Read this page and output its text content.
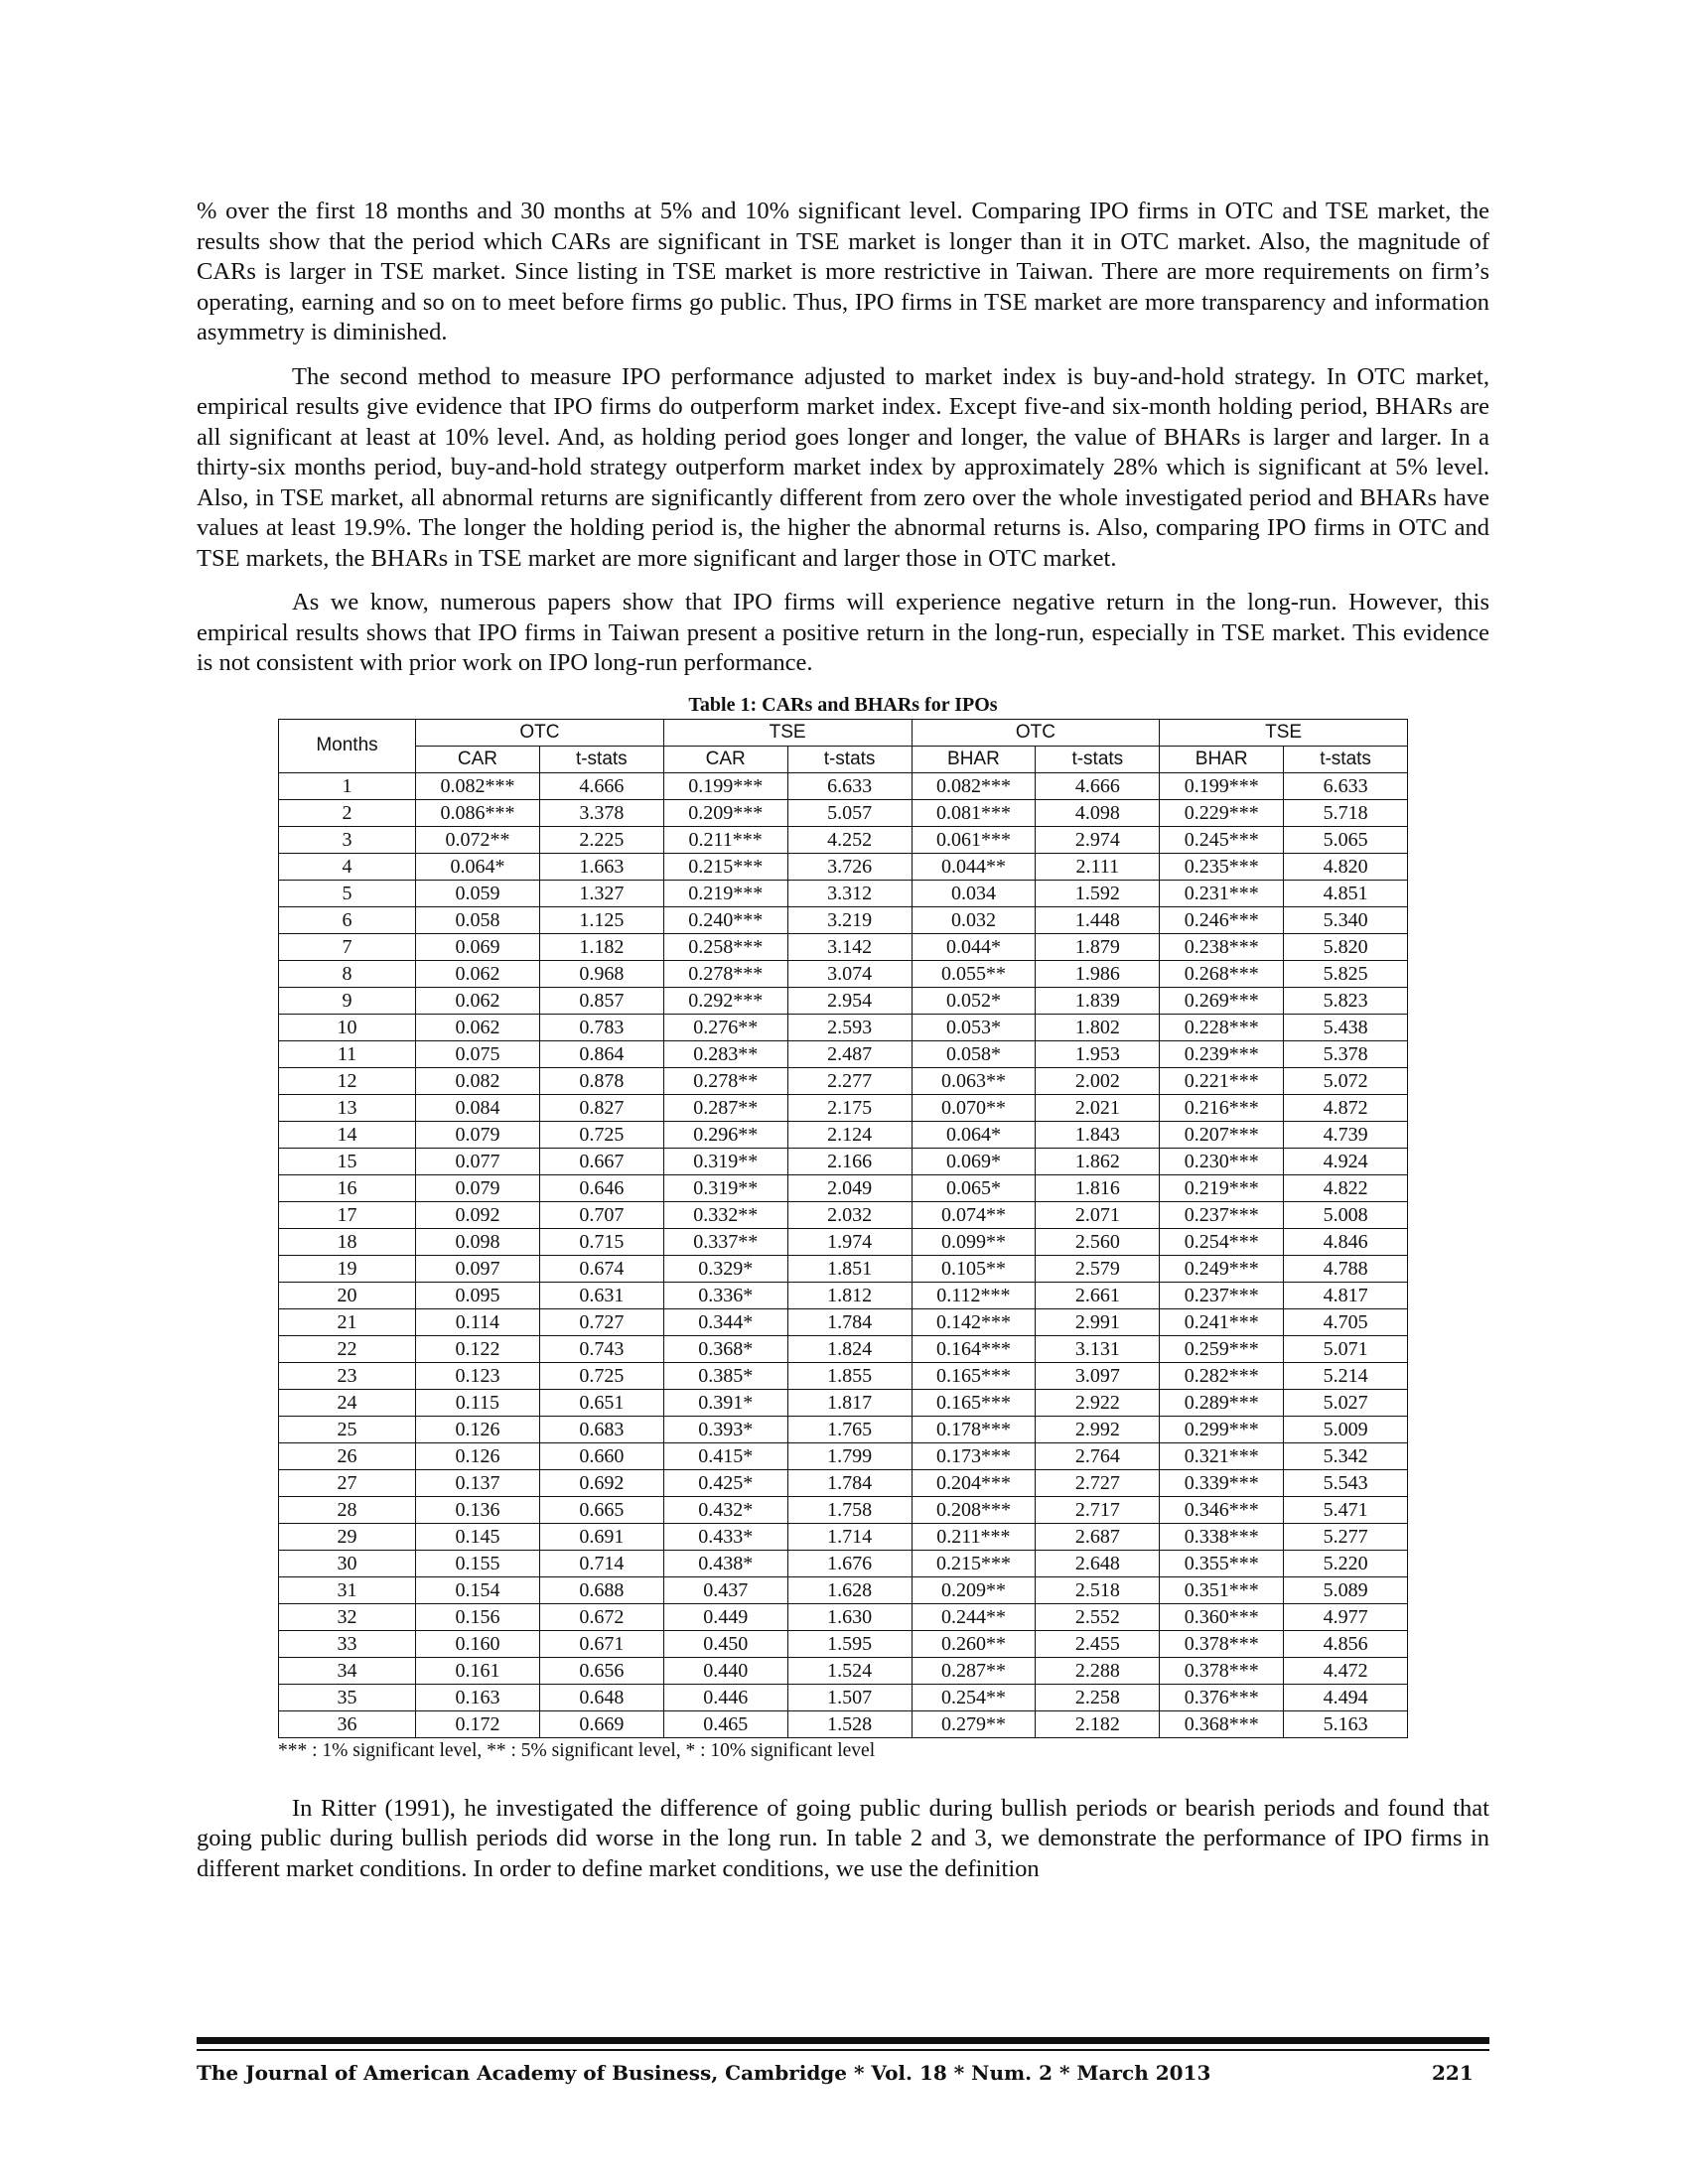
% over the first 18 months and 30 months at 5% and 10% significant level. Comparing IPO firms in OTC and TSE market, the results show that the period which CARs are significant in TSE market is longer than it in OTC market. Also, the magnitude of CARs is larger in TSE market. Since listing in TSE market is more restrictive in Taiwan. There are more requirements on firm’s operating, earning and so on to meet before firms go public. Thus, IPO firms in TSE market are more transparency and information asymmetry is diminished.

The second method to measure IPO performance adjusted to market index is buy-and-hold strategy. In OTC market, empirical results give evidence that IPO firms do outperform market index. Except five-and six-month holding period, BHARs are all significant at least at 10% level. And, as holding period goes longer and longer, the value of BHARs is larger and larger. In a thirty-six months period, buy-and-hold strategy outperform market index by approximately 28% which is significant at 5% level. Also, in TSE market, all abnormal returns are significantly different from zero over the whole investigated period and BHARs have values at least 19.9%. The longer the holding period is, the higher the abnormal returns is. Also, comparing IPO firms in OTC and TSE markets, the BHARs in TSE market are more significant and larger those in OTC market.

As we know, numerous papers show that IPO firms will experience negative return in the long-run. However, this empirical results shows that IPO firms in Taiwan present a positive return in the long-run, especially in TSE market. This evidence is not consistent with prior work on IPO long-run performance.

Table 1: CARs and BHARs for IPOs
Months	OTC		TSE		OTC		TSE	
	CAR	t-stats	CAR	t-stats	BHAR	t-stats	BHAR	t-stats
1	0.082***	4.666	0.199***	6.633	0.082***	4.666	0.199***	6.633
2	0.086***	3.378	0.209***	5.057	0.081***	4.098	0.229***	5.718
3	0.072**	2.225	0.211***	4.252	0.061***	2.974	0.245***	5.065
4	0.064*	1.663	0.215***	3.726	0.044**	2.111	0.235***	4.820
5	0.059	1.327	0.219***	3.312	0.034	1.592	0.231***	4.851
6	0.058	1.125	0.240***	3.219	0.032	1.448	0.246***	5.340
7	0.069	1.182	0.258***	3.142	0.044*	1.879	0.238***	5.820
8	0.062	0.968	0.278***	3.074	0.055**	1.986	0.268***	5.825
9	0.062	0.857	0.292***	2.954	0.052*	1.839	0.269***	5.823
10	0.062	0.783	0.276**	2.593	0.053*	1.802	0.228***	5.438
11	0.075	0.864	0.283**	2.487	0.058*	1.953	0.239***	5.378
12	0.082	0.878	0.278**	2.277	0.063**	2.002	0.221***	5.072
13	0.084	0.827	0.287**	2.175	0.070**	2.021	0.216***	4.872
14	0.079	0.725	0.296**	2.124	0.064*	1.843	0.207***	4.739
15	0.077	0.667	0.319**	2.166	0.069*	1.862	0.230***	4.924
16	0.079	0.646	0.319**	2.049	0.065*	1.816	0.219***	4.822
17	0.092	0.707	0.332**	2.032	0.074**	2.071	0.237***	5.008
18	0.098	0.715	0.337**	1.974	0.099**	2.560	0.254***	4.846
19	0.097	0.674	0.329*	1.851	0.105**	2.579	0.249***	4.788
20	0.095	0.631	0.336*	1.812	0.112***	2.661	0.237***	4.817
21	0.114	0.727	0.344*	1.784	0.142***	2.991	0.241***	4.705
22	0.122	0.743	0.368*	1.824	0.164***	3.131	0.259***	5.071
23	0.123	0.725	0.385*	1.855	0.165***	3.097	0.282***	5.214
24	0.115	0.651	0.391*	1.817	0.165***	2.922	0.289***	5.027
25	0.126	0.683	0.393*	1.765	0.178***	2.992	0.299***	5.009
26	0.126	0.660	0.415*	1.799	0.173***	2.764	0.321***	5.342
27	0.137	0.692	0.425*	1.784	0.204***	2.727	0.339***	5.543
28	0.136	0.665	0.432*	1.758	0.208***	2.717	0.346***	5.471
29	0.145	0.691	0.433*	1.714	0.211***	2.687	0.338***	5.277
30	0.155	0.714	0.438*	1.676	0.215***	2.648	0.355***	5.220
31	0.154	0.688	0.437	1.628	0.209**	2.518	0.351***	5.089
32	0.156	0.672	0.449	1.630	0.244**	2.552	0.360***	4.977
33	0.160	0.671	0.450	1.595	0.260**	2.455	0.378***	4.856
34	0.161	0.656	0.440	1.524	0.287**	2.288	0.378***	4.472
35	0.163	0.648	0.446	1.507	0.254**	2.258	0.376***	4.494
36	0.172	0.669	0.465	1.528	0.279**	2.182	0.368***	5.163
*** : 1% significant level, ** : 5% significant level, * : 10% significant level

In Ritter (1991), he investigated the difference of going public during bullish periods or bearish periods and found that going public during bullish periods did worse in the long run. In table 2 and 3, we demonstrate the performance of IPO firms in different market conditions. In order to define market conditions, we use the definition

The Journal of American Academy of Business, Cambridge * Vol. 18 * Num. 2 * March 2013	221
